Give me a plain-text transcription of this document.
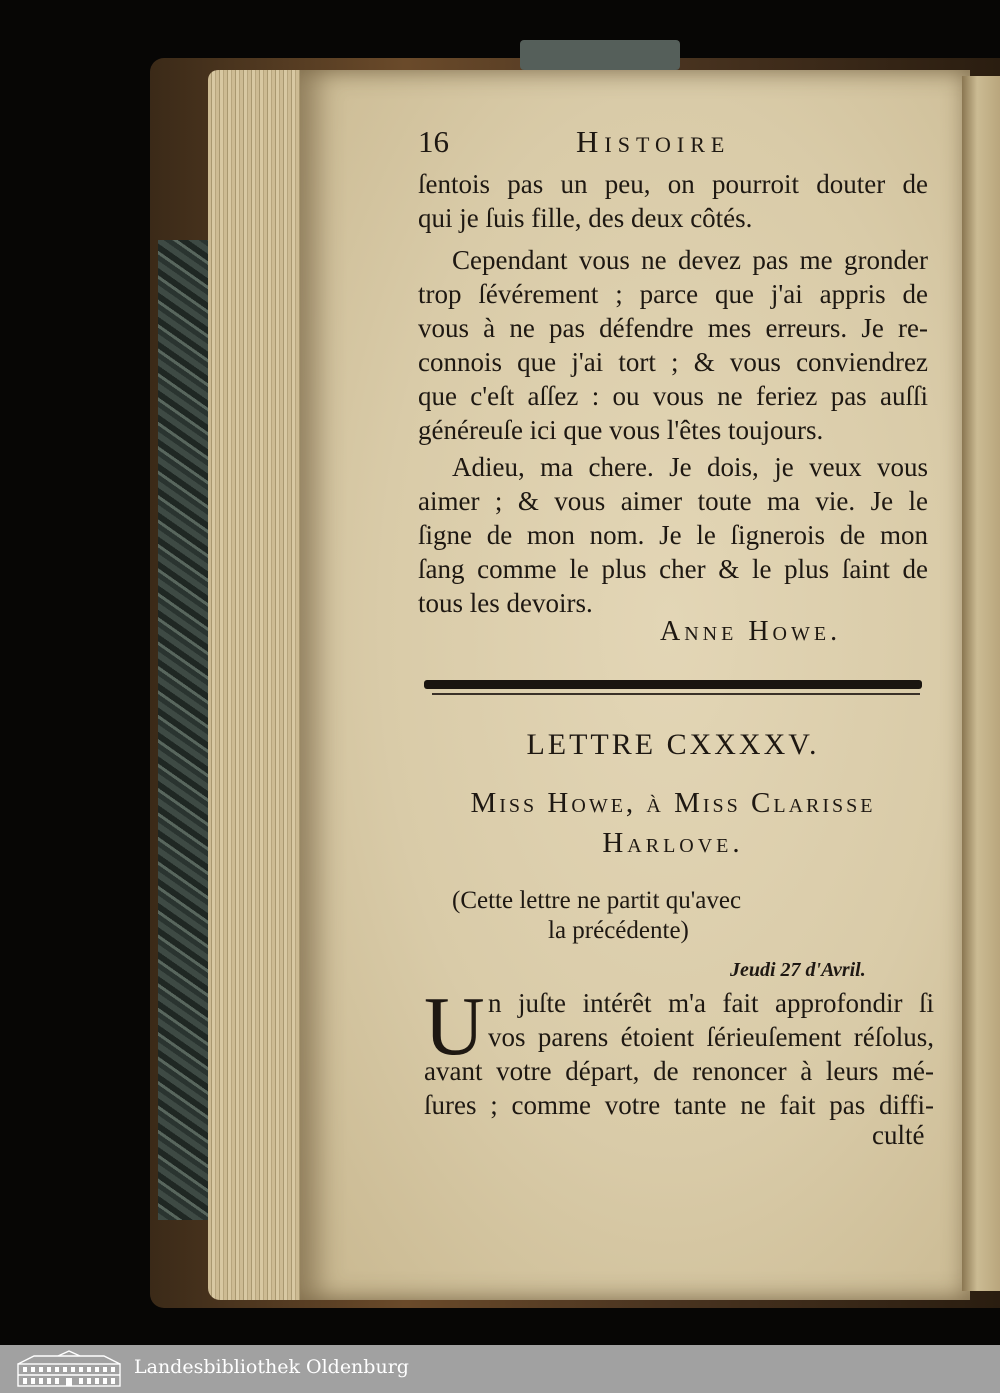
16	Histoire
ſentois pas un peu, on pourroit douter de
qui je ſuis fille, des deux côtés.
Cependant vous ne devez pas me gronder
trop ſévérement ; parce que j'ai appris de
vous à ne pas défendre mes erreurs. Je re-
connois que j'ai tort ; & vous conviendrez
que c'eſt aſſez : ou vous ne feriez pas auſſi
généreuſe ici que vous l'êtes toujours.
Adieu, ma chere. Je dois, je veux vous
aimer ; & vous aimer toute ma vie. Je le
ſigne de mon nom. Je le ſignerois de mon
ſang comme le plus cher & le plus ſaint de
tous les devoirs.
Anne Howe.
LETTRE CXXXXV.
Miſs Howe, à Miſs Clarisse
Harlove.
(Cette lettre ne partit qu'avec
la précédente)
Jeudi 27 d'Avril.
U n juſte intérêt m'a fait approfondir ſi
vos parens étoient ſérieuſement réſolus,
avant votre départ, de renoncer à leurs mé-
ſures ; comme votre tante ne fait pas diffi-
culté
Landesbibliothek Oldenburg
